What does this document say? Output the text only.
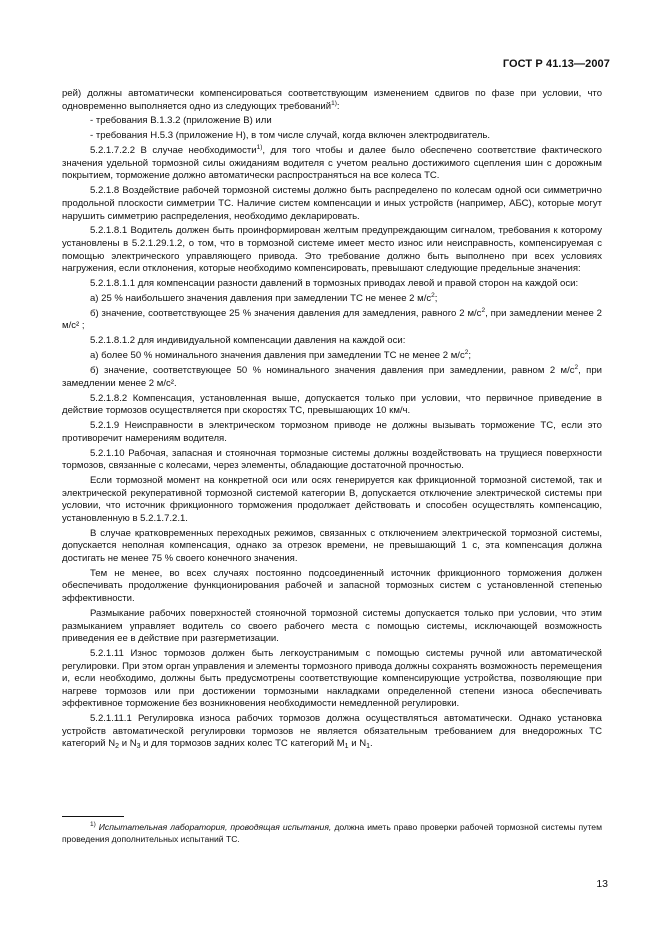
ГОСТ Р 41.13—2007

рей) должны автоматически компенсироваться соответствующим изменением сдвигов по фазе при условии, что одновременно выполняется одно из следующих требований$^{1)}$:

- требования В.1.3.2 (приложение В) или

- требования Н.5.3 (приложение Н), в том числе случай, когда включен электродвигатель.

5.2.1.7.2.2 В случае необходимости$^{1)}$, для того чтобы и далее было обеспечено соответствие фактического значения удельной тормозной силы ожиданиям водителя с учетом реально достижимого сцепления шин с дорожным покрытием, торможение должно автоматически распространяться на все колеса ТС.

5.2.1.8 Воздействие рабочей тормозной системы должно быть распределено по колесам одной оси симметрично продольной плоскости симметрии ТС. Наличие систем компенсации и иных устройств (например, АБС), которые могут нарушить симметрию распределения, необходимо декларировать.

5.2.1.8.1 Водитель должен быть проинформирован желтым предупреждающим сигналом, требования к которому установлены в 5.2.1.29.1.2, о том, что в тормозной системе имеет место износ или неисправность, компенсируемая с помощью электрического управляющего привода. Это требование должно быть выполнено при всех условиях нагружения, если отклонения, которые необходимо компенсировать, превышают следующие предельные значения:

5.2.1.8.1.1 для компенсации разности давлений в тормозных приводах левой и правой сторон на каждой оси:

а) 25 % наибольшего значения давления при замедлении ТС не менее 2 $м/с^2$;

б) значение, соответствующее 25 % значения давления для замедления, равного 2 $м/с^2$, при замедлении менее 2 м/с² ;

5.2.1.8.1.2 для индивидуальной компенсации давления на каждой оси:

а) более 50 % номинального значения давления при замедлении ТС не менее 2 $м/с^2$;

б) значение, соответствующее 50 % номинального значения давления при замедлении, равном 2 $м/с^2$, при замедлении менее 2 м/с².

5.2.1.8.2 Компенсация, установленная выше, допускается только при условии, что первичное приведение в действие тормозов осуществляется при скоростях ТС, превышающих 10 км/ч.

5.2.1.9 Неисправности в электрическом тормозном приводе не должны вызывать торможение ТС, если это противоречит намерениям водителя.

5.2.1.10 Рабочая, запасная и стояночная тормозные системы должны воздействовать на трущиеся поверхности тормозов, связанные с колесами, через элементы, обладающие достаточной прочностью.

Если тормозной момент на конкретной оси или осях генерируется как фрикционной тормозной системой, так и электрической рекуперативной тормозной системой категории В, допускается отключение электрической системы при условии, что источник фрикционного торможения продолжает действовать и способен осуществлять компенсацию, установленную в 5.2.1.7.2.1.

В случае кратковременных переходных режимов, связанных с отключением электрической тормозной системы, допускается неполная компенсация, однако за отрезок времени, не превышающий 1 с, эта компенсация должна достигать не менее 75 % своего конечного значения.

Тем не менее, во всех случаях постоянно подсоединенный источник фрикционного торможения должен обеспечивать продолжение функционирования рабочей и запасной тормозных систем с установленной степенью эффективности.

Размыкание рабочих поверхностей стояночной тормозной системы допускается только при условии, что этим размыканием управляет водитель со своего рабочего места с помощью системы, исключающей возможность приведения ее в действие при разгерметизации.

5.2.1.11 Износ тормозов должен быть легкоустранимым с помощью системы ручной или автоматической регулировки. При этом орган управления и элементы тормозного привода должны сохранять возможность перемещения и, если необходимо, должны быть предусмотрены соответствующие компенсирующие устройства, позволяющие при нагреве тормозов или при достижении тормозными накладками определенной степени износа обеспечивать эффективное торможение без возникновения необходимости немедленной регулировки.

5.2.1.11.1 Регулировка износа рабочих тормозов должна осуществляться автоматически. Однако установка устройств автоматической регулировки тормозов не является обязательным требованием для внедорожных ТС категорий $N_2$ и $N_3$ и для тормозов задних колес ТС категорий $М_1$ и $N_1$.

$^{1)}$ Испытательная лаборатория, проводящая испытания, должна иметь право проверки рабочей тормозной системы путем проведения дополнительных испытаний ТС.

13
